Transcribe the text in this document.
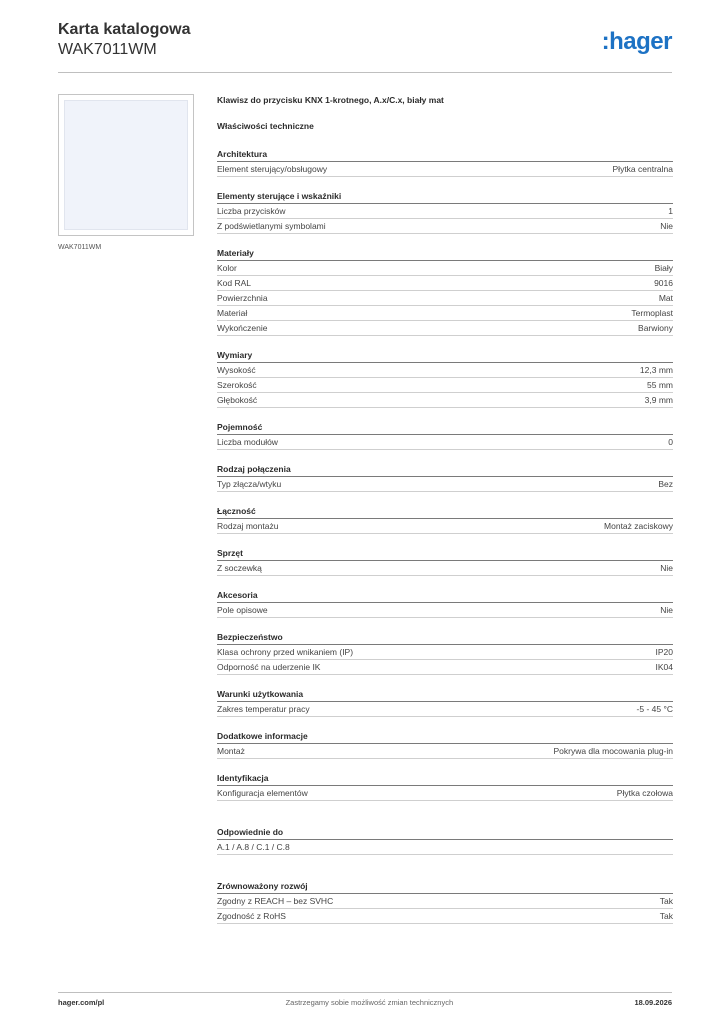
Karta katalogowa
WAK7011WM	:hager
WAK7011WM
Klawisz do przycisku KNX 1-krotnego, A.x/C.x, biały mat
Właściwości techniczne
Architektura
Element sterujący/obsługowy	Płytka centralna
Elementy sterujące i wskaźniki
Liczba przycisków	1
Z podświetlanymi symbolami	Nie
Materiały
Kolor	Biały
Kod RAL	9016
Powierzchnia	Mat
Materiał	Termoplast
Wykończenie	Barwiony
Wymiary
Wysokość	12,3 mm
Szerokość	55 mm
Głębokość	3,9 mm
Pojemność
Liczba modułów	0
Rodzaj połączenia
Typ złącza/wtyku	Bez
Łączność
Rodzaj montażu	Montaż zaciskowy
Sprzęt
Z soczewką	Nie
Akcesoria
Pole opisowe	Nie
Bezpieczeństwo
Klasa ochrony przed wnikaniem (IP)	IP20
Odporność na uderzenie IK	IK04
Warunki użytkowania
Zakres temperatur pracy	-5 - 45 °C
Dodatkowe informacje
Montaż	Pokrywa dla mocowania plug-in
Identyfikacja
Konfiguracja elementów	Płytka czołowa
Odpowiednie do
A.1 / A.8 / C.1 / C.8
Zrównoważony rozwój
Zgodny z REACH – bez SVHC	Tak
Zgodność z RoHS	Tak
hager.com/pl	Zastrzegamy sobie możliwość zmian technicznych	18.09.2026
